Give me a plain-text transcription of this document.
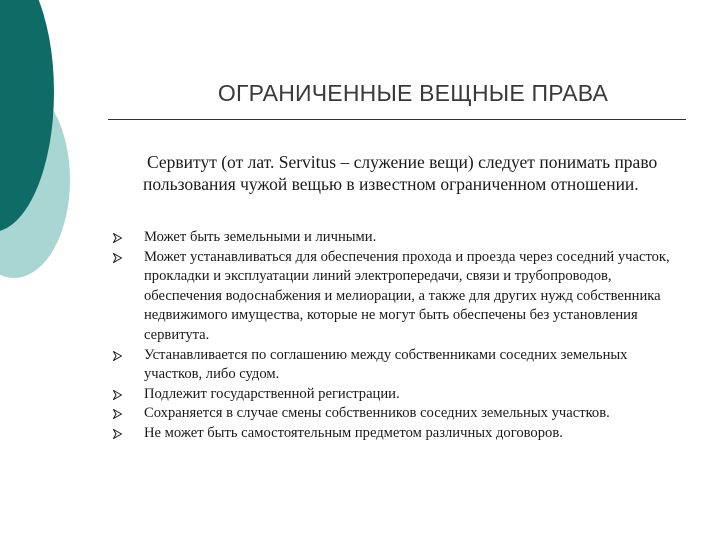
ОГРАНИЧЕННЫЕ ВЕЩНЫЕ ПРАВА

Сервитут (от лат. Servitus – служение вещи) следует понимать право пользования чужой вещью в известном ограниченном отношении.

Может быть земельными и личными.
Может устанавливаться для обеспечения прохода и проезда через соседний участок, прокладки и эксплуатации линий электропередачи, связи и трубопроводов, обеспечения водоснабжения и мелиорации, а также для других нужд собственника недвижимого имущества, которые не могут быть обеспечены без установления сервитута.
Устанавливается по соглашению между собственниками соседних земельных участков, либо судом.
Подлежит государственной регистрации.
Сохраняется в случае смены собственников соседних земельных участков.
Не может быть самостоятельным предметом различных договоров.
